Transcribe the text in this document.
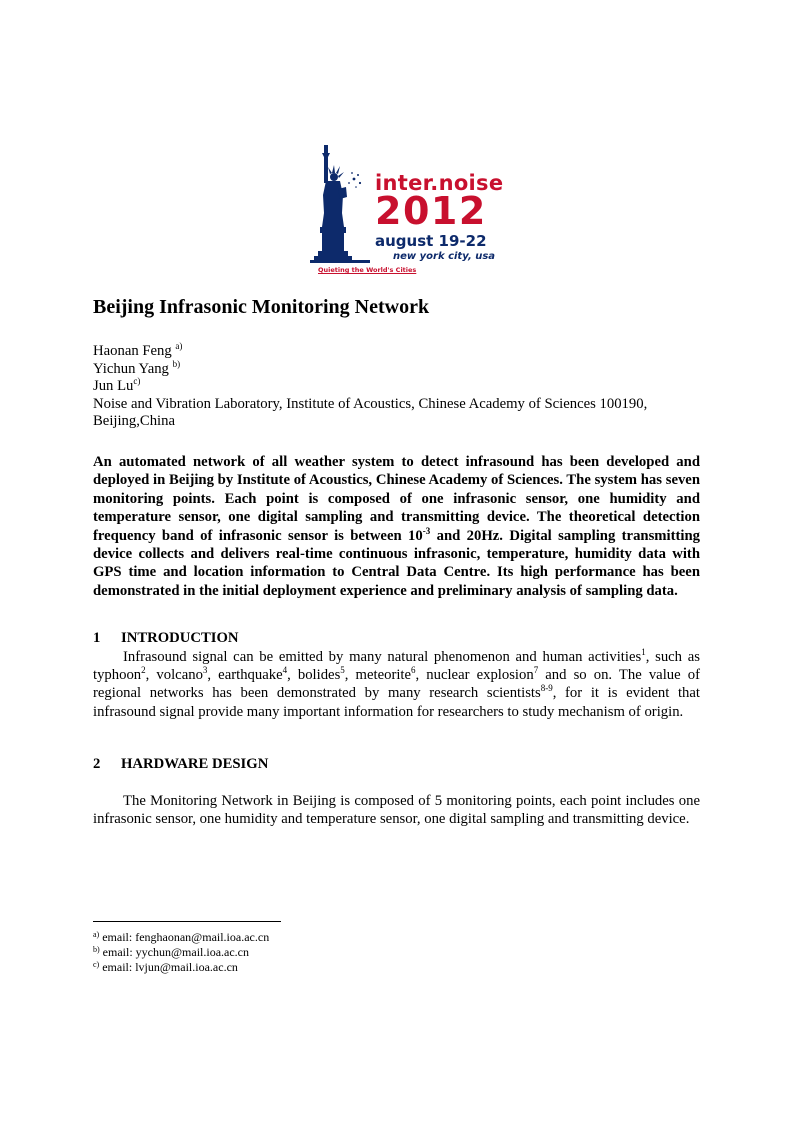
inter.noise
2012
august 19-22
new york city, usa
Quieting the World's Cities
Beijing Infrasonic Monitoring Network
Haonan Feng $^{a)}$
Yichun Yang $^{b)}$
Jun Lu$^{c)}$
Noise and Vibration Laboratory, Institute of Acoustics, Chinese Academy of Sciences 100190,
Beijing,China
An automated network of all weather system to detect infrasound has been developed and deployed in Beijing by Institute of Acoustics, Chinese Academy of Sciences. The system has seven monitoring points. Each point is composed of one infrasonic sensor, one humidity and temperature sensor, one digital sampling and transmitting device. The theoretical detection frequency band of infrasonic sensor is between $10^{-3}$ and 20Hz. Digital sampling transmitting device collects and delivers real-time continuous infrasonic, temperature, humidity data with GPS time and location information to Central Data Centre. Its high performance has been demonstrated in the initial deployment experience and preliminary analysis of sampling data.
1 INTRODUCTION
Infrasound signal can be emitted by many natural phenomenon and human activities$^1$, such as typhoon$^2$, volcano$^3$, earthquake$^4$, bolides$^5$, meteorite$^6$, nuclear explosion$^7$ and so on. The value of regional networks has been demonstrated by many research scientists$^{8-9}$, for it is evident that infrasound signal provide many important information for researchers to study mechanism of origin.
2 HARDWARE DESIGN
The Monitoring Network in Beijing is composed of 5 monitoring points, each point includes one infrasonic sensor, one humidity and temperature sensor, one digital sampling and transmitting device.
$^{a)}$ email: fenghaonan@mail.ioa.ac.cn
$^{b)}$ email: yychun@mail.ioa.ac.cn
$^{c)}$ email: lvjun@mail.ioa.ac.cn
